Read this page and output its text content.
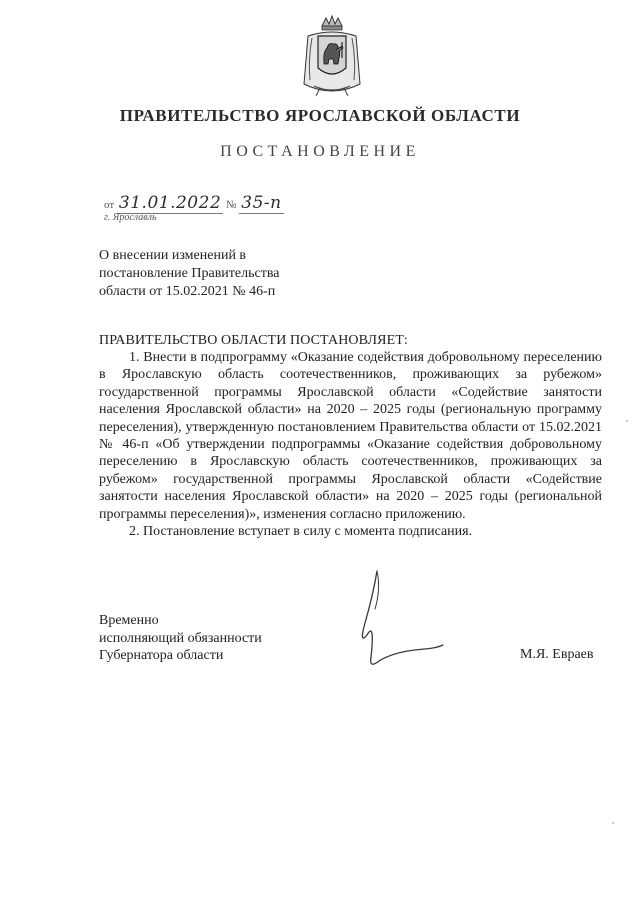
ПРАВИТЕЛЬСТВО ЯРОСЛАВСКОЙ ОБЛАСТИ
ПОСТАНОВЛЕНИЕ
от 31.01.2022 № 35-п
г. Ярославль
О внесении изменений в
постановление Правительства
области от 15.02.2021 № 46-п
ПРАВИТЕЛЬСТВО ОБЛАСТИ ПОСТАНОВЛЯЕТ:

1. Внести в подпрограмму «Оказание содействия добровольному переселению в Ярославскую область соотечественников, проживающих за рубежом» государственной программы Ярославской области «Содействие занятости населения Ярославской области» на 2020 – 2025 годы (региональную программу переселения), утвержденную постановлением Правительства области от 15.02.2021 № 46-п «Об утверждении подпрограммы «Оказание содействия добровольному переселению в Ярославскую область соотечественников, проживающих за рубежом» государственной программы Ярославской области «Содействие занятости населения Ярославской области» на 2020 – 2025 годы (региональной программы переселения)», изменения согласно приложению.

2. Постановление вступает в силу с момента подписания.

Временно
исполняющий обязанности
Губернатора области	М.Я. Евраев
